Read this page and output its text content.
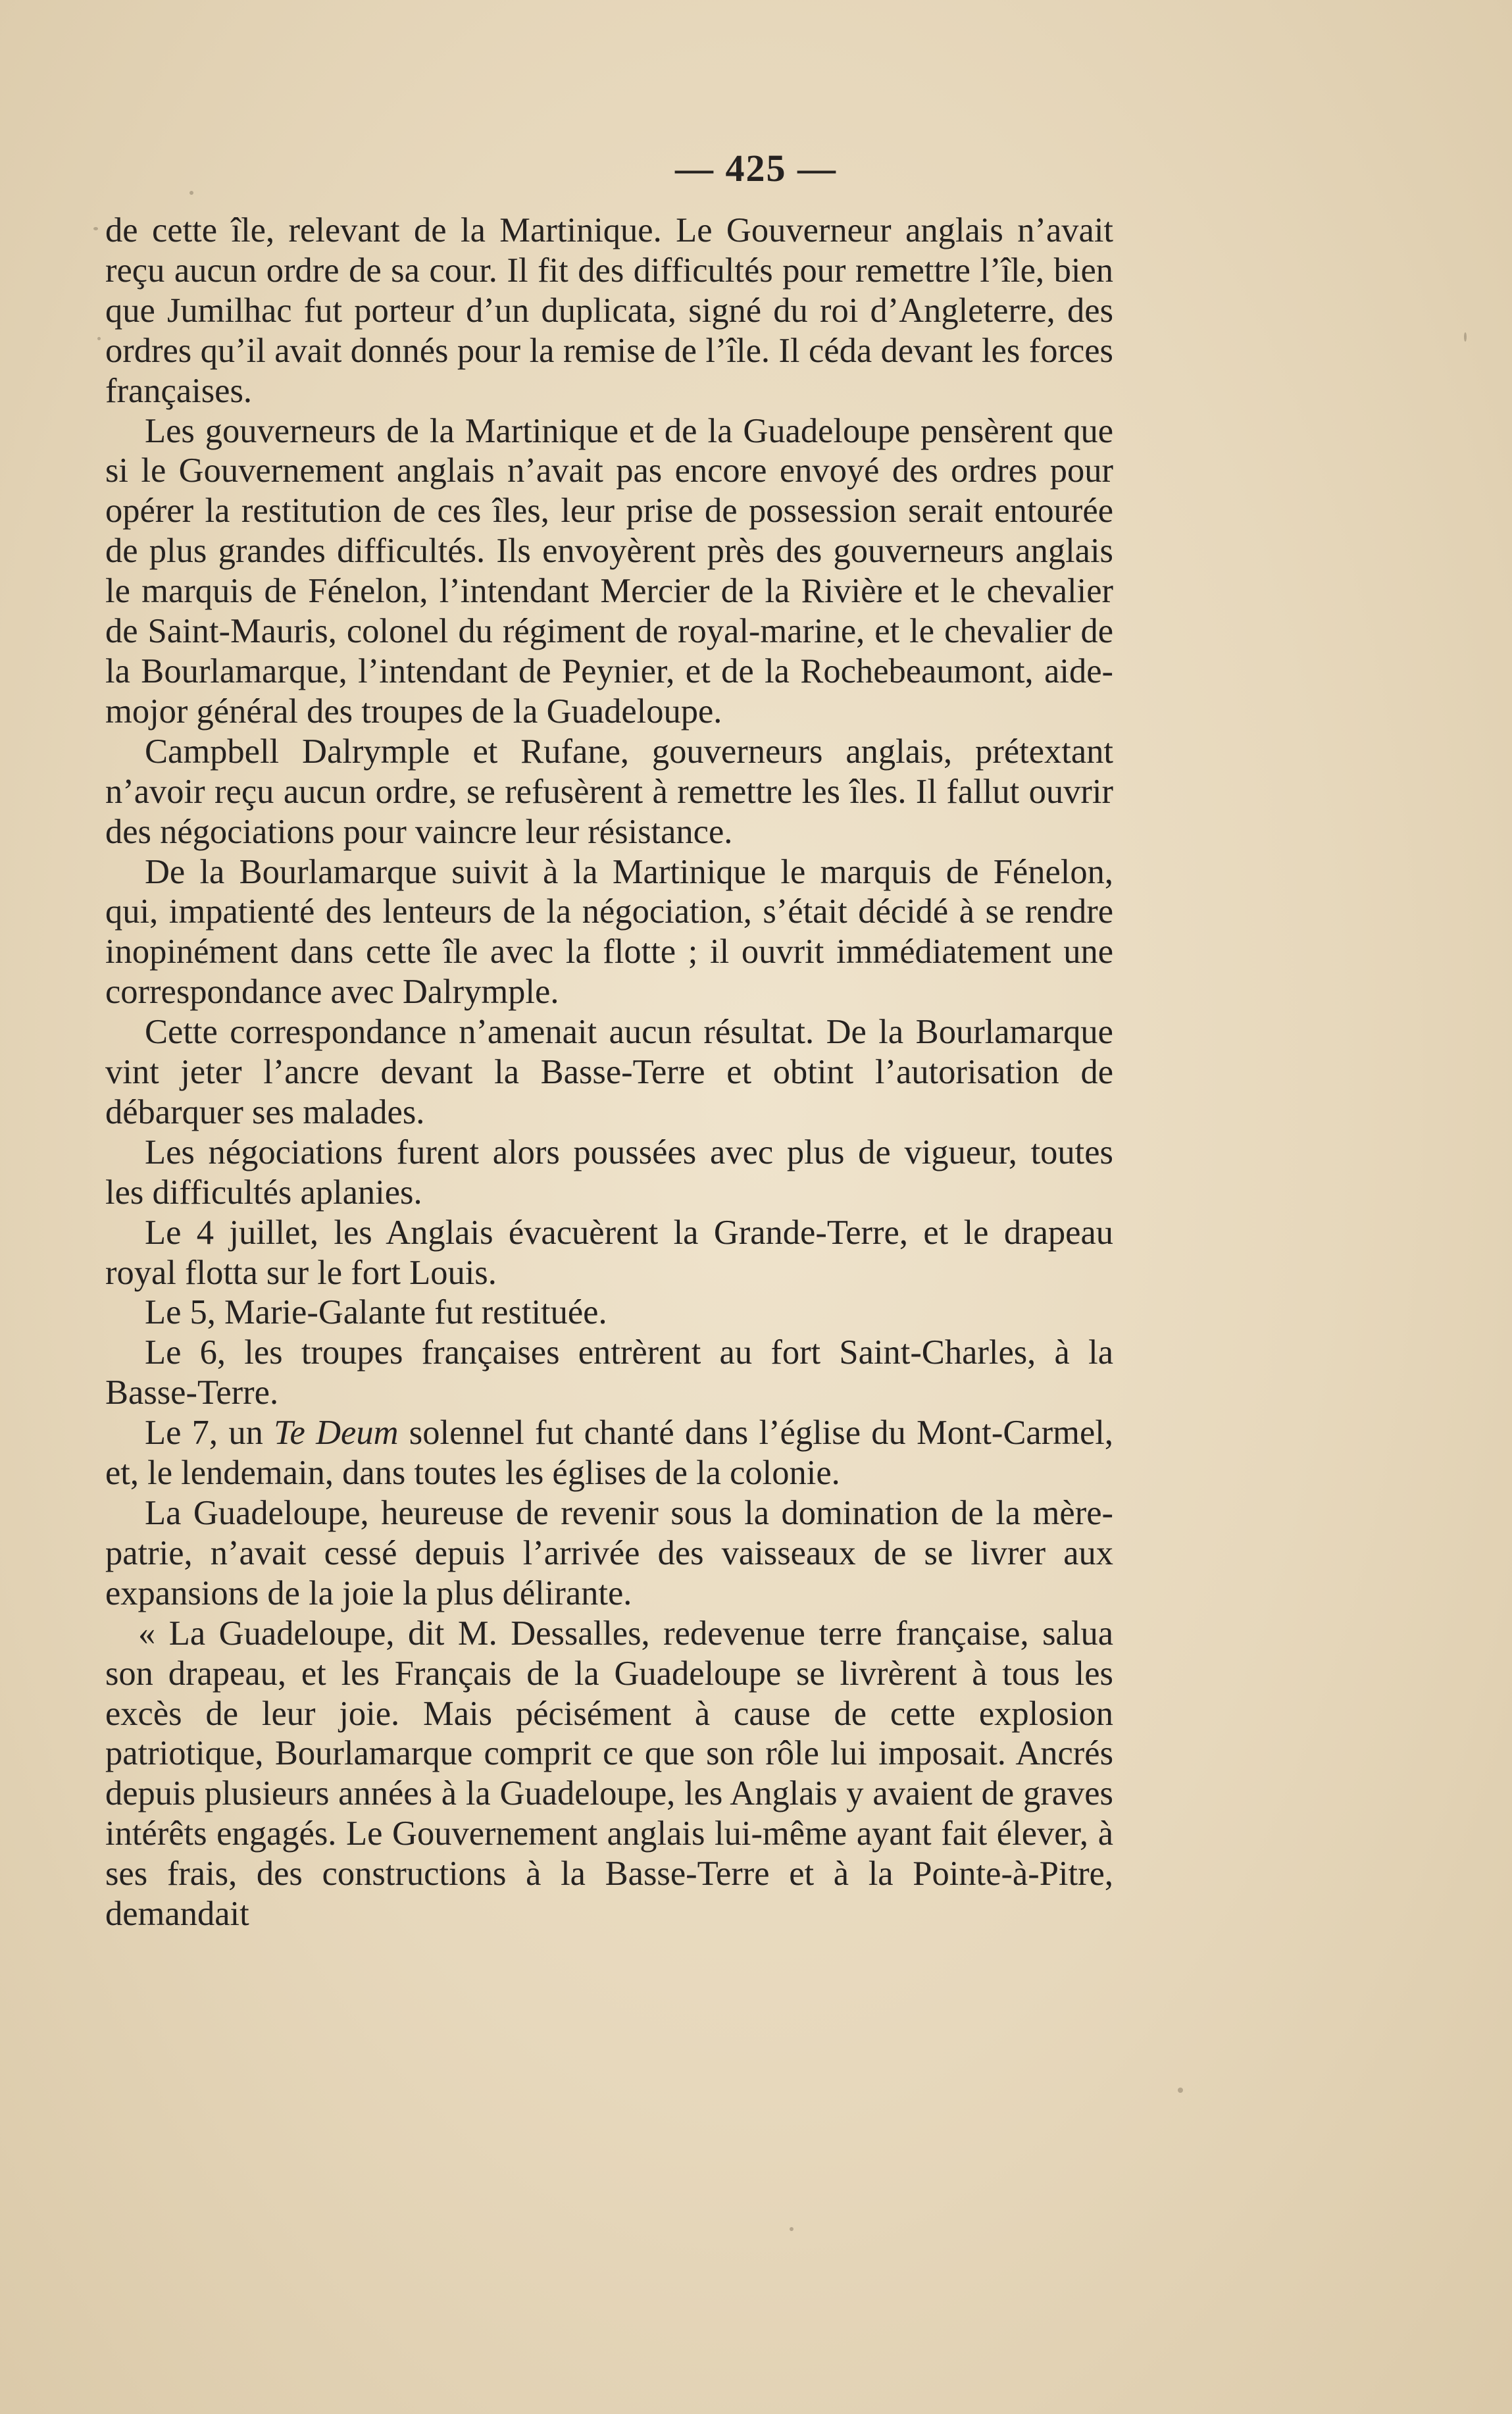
— 425 —

de cette île, relevant de la Martinique. Le Gouverneur anglais n’avait reçu aucun ordre de sa cour. Il fit des difficultés pour remettre l’île, bien que Jumilhac fut porteur d’un duplicata, signé du roi d’Angleterre, des ordres qu’il avait donnés pour la remise de l’île. Il céda devant les forces françaises.

Les gouverneurs de la Martinique et de la Guadeloupe pensèrent que si le Gouvernement anglais n’avait pas encore envoyé des ordres pour opérer la restitution de ces îles, leur prise de possession serait entourée de plus grandes difficultés. Ils envoyèrent près des gouverneurs anglais le marquis de Fénelon, l’intendant Mercier de la Rivière et le chevalier de Saint-Mauris, colonel du régiment de royal-marine, et le chevalier de la Bourlamarque, l’intendant de Peynier, et de la Rochebeaumont, aide-mojor général des troupes de la Guadeloupe.

Campbell Dalrymple et Rufane, gouverneurs anglais, prétextant n’avoir reçu aucun ordre, se refusèrent à remettre les îles. Il fallut ouvrir des négociations pour vaincre leur résistance.

De la Bourlamarque suivit à la Martinique le marquis de Fénelon, qui, impatienté des lenteurs de la négociation, s’était décidé à se rendre inopinément dans cette île avec la flotte ; il ouvrit immédiatement une correspondance avec Dalrymple.

Cette correspondance n’amenait aucun résultat. De la Bourlamarque vint jeter l’ancre devant la Basse-Terre et obtint l’autorisation de débarquer ses malades.

Les négociations furent alors poussées avec plus de vigueur, toutes les difficultés aplanies.

Le 4 juillet, les Anglais évacuèrent la Grande-Terre, et le drapeau royal flotta sur le fort Louis.

Le 5, Marie-Galante fut restituée.

Le 6, les troupes françaises entrèrent au fort Saint-Charles, à la Basse-Terre.

Le 7, un Te Deum solennel fut chanté dans l’église du Mont-Carmel, et, le lendemain, dans toutes les églises de la colonie.

La Guadeloupe, heureuse de revenir sous la domination de la mère-patrie, n’avait cessé depuis l’arrivée des vaisseaux de se livrer aux expansions de la joie la plus délirante.

« La Guadeloupe, dit M. Dessalles, redevenue terre française, salua son drapeau, et les Français de la Guadeloupe se livrèrent à tous les excès de leur joie. Mais pécisément à cause de cette explosion patriotique, Bourlamarque comprit ce que son rôle lui imposait. Ancrés depuis plusieurs années à la Guadeloupe, les Anglais y avaient de graves intérêts engagés. Le Gouvernement anglais lui-même ayant fait élever, à ses frais, des constructions à la Basse-Terre et à la Pointe-à-Pitre, demandait
